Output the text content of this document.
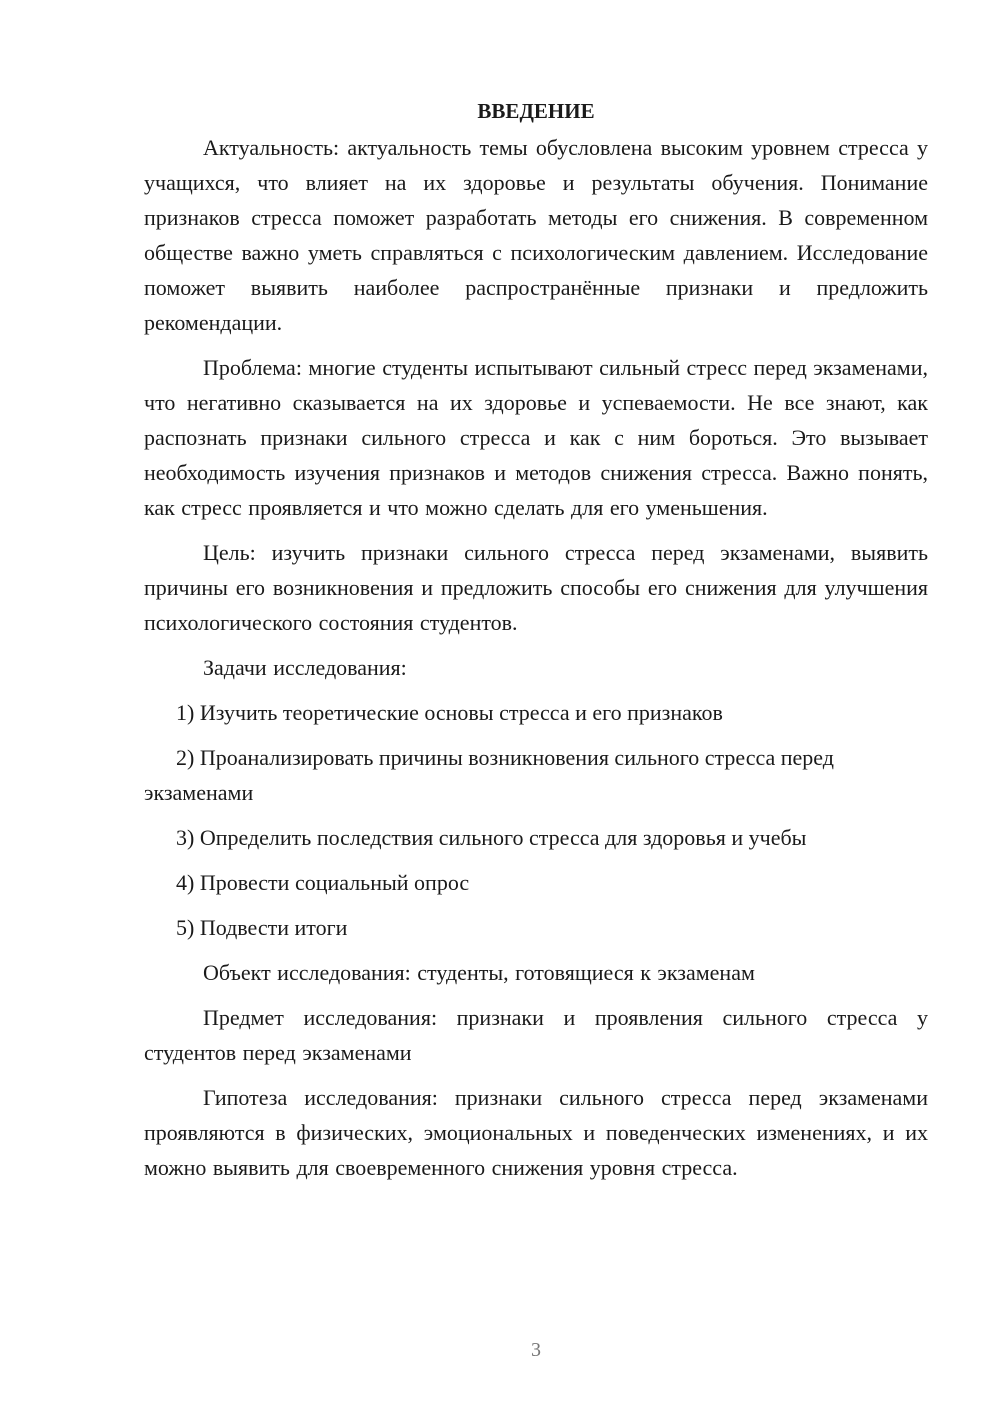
ВВЕДЕНИЕ

Актуальность: актуальность темы обусловлена высоким уровнем стресса у учащихся, что влияет на их здоровье и результаты обучения. Понимание признаков стресса поможет разработать методы его снижения. В современном обществе важно уметь справляться с психологическим давлением. Исследование поможет выявить наиболее распространённые признаки и предложить рекомендации.

Проблема: многие студенты испытывают сильный стресс перед экзаменами, что негативно сказывается на их здоровье и успеваемости. Не все знают, как распознать признаки сильного стресса и как с ним бороться. Это вызывает необходимость изучения признаков и методов снижения стресса. Важно понять, как стресс проявляется и что можно сделать для его уменьшения.

Цель: изучить признаки сильного стресса перед экзаменами, выявить причины его возникновения и предложить способы его снижения для улучшения психологического состояния студентов.

Задачи исследования:

1) Изучить теоретические основы стресса и его признаков

2) Проанализировать причины возникновения сильного стресса перед экзаменами

3) Определить последствия сильного стресса для здоровья и учебы

4) Провести социальный опрос

5) Подвести итоги

Объект исследования: студенты, готовящиеся к экзаменам

Предмет исследования: признаки и проявления сильного стресса у студентов перед экзаменами

Гипотеза исследования: признаки сильного стресса перед экзаменами проявляются в физических, эмоциональных и поведенческих изменениях, и их можно выявить для своевременного снижения уровня стресса.

3
